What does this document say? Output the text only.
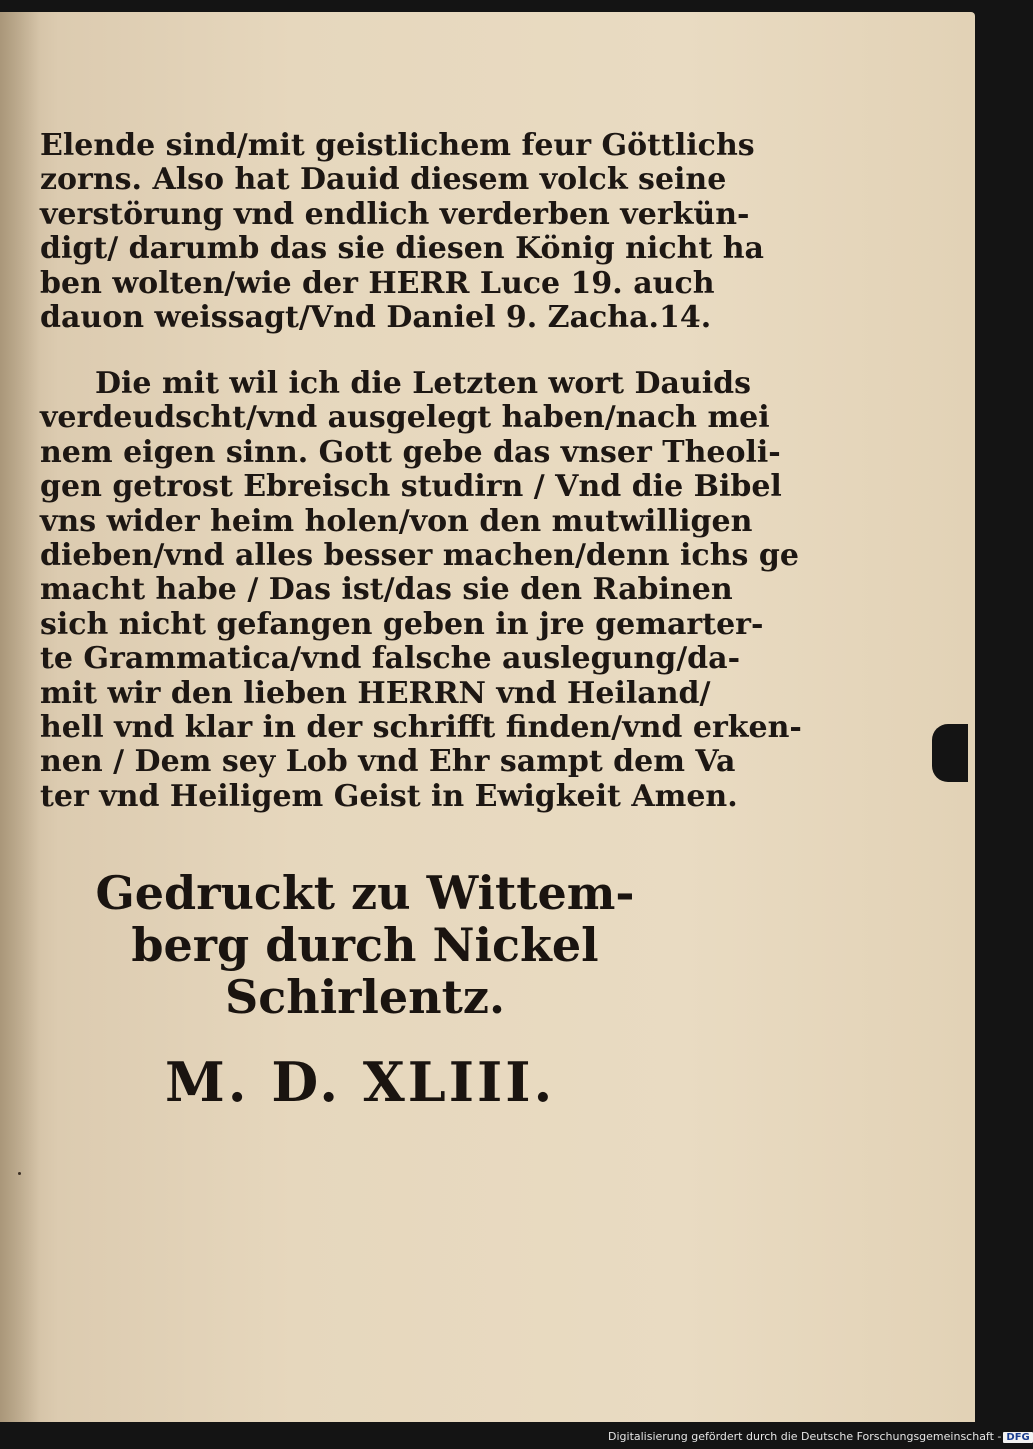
Elende sind/mit geistlichem feur Göttlichs
zorns. Also hat Dauid diesem volck seine
verstörung vnd endlich verderben verkün-
digt/ darumb das sie diesen König nicht ha
ben wolten/wie der HERR Luce 19. auch
dauon weissagt/Vnd Daniel 9. Zacha.14.
Die mit wil ich die Letzten wort Dauids
verdeudscht/vnd ausgelegt haben/nach mei
nem eigen sinn. Gott gebe das vnser Theoli-
gen getrost Ebreisch studirn / Vnd die Bibel
vns wider heim holen/von den mutwilligen
dieben/vnd alles besser machen/denn ichs ge
macht habe / Das ist/das sie den Rabinen
sich nicht gefangen geben in jre gemarter-
te Grammatica/vnd falsche auslegung/da-
mit wir den lieben HERRN vnd Heiland/
hell vnd klar in der schrifft finden/vnd erken-
nen / Dem sey Lob vnd Ehr sampt dem Va
ter vnd Heiligem Geist in Ewigkeit Amen.
Gedruckt zu Wittem-
berg durch Nickel
Schirlentz.
M. D. XLIII.
Digitalisierung gefördert durch die Deutsche Forschungsgemeinschaft - DFG
